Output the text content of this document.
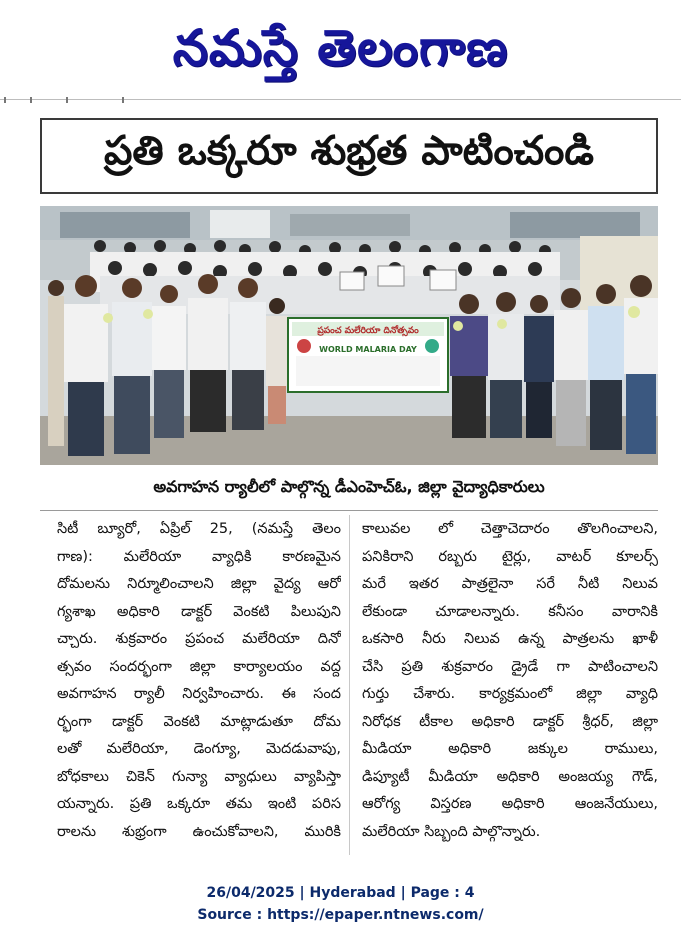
నమస్తే తెలంగాణ
ప్రతి ఒక్కరూ శుభ్రత పాటించండి
ప్రపంచ మలేరియా దినోత్సవం
WORLD MALARIA DAY
అవగాహన ర్యాలీలో పాల్గొన్న డీఎంహెచ్ఓ, జిల్లా వైద్యాధికారులు
సిటీ బ్యూరో, ఏప్రిల్ 25, (నమస్తే తెలం
గాణ): మలేరియా వ్యాధికి కారణమైన
దోమలను నిర్మూలించాలని జిల్లా వైద్య ఆరో
గ్యశాఖ అధికారి డాక్టర్ వెంకటి పిలుపుని
చ్చారు. శుక్రవారం ప్రపంచ మలేరియా దినో
త్సవం సందర్భంగా జిల్లా కార్యాలయం వద్ద
అవగాహన ర్యాలీ నిర్వహించారు. ఈ సంద
ర్భంగా డాక్టర్ వెంకటి మాట్లాడుతూ దోమ
లతో మలేరియా, డెంగ్యూ, మెదడువాపు,
బోధకాలు చికెన్ గున్యా వ్యాధులు వ్యాపిస్తా
యన్నారు. ప్రతి ఒక్కరూ తమ ఇంటి పరిస
రాలను శుభ్రంగా ఉంచుకోవాలని, మురికి
కాలువల లో చెత్తాచెదారం తొలగించాలని,
పనికిరాని రబ్బరు టైర్లు, వాటర్ కూలర్స్
మరే ఇతర పాత్రలైనా సరే నీటి నిలువ
లేకుండా చూడాలన్నారు. కనీసం వారానికి
ఒకసారి నీరు నిలువ ఉన్న పాత్రలను ఖాళీ
చేసి ప్రతి శుక్రవారం డ్రైడే గా పాటించాలని
గుర్తు చేశారు. కార్యక్రమంలో జిల్లా వ్యాధి
నిరోధక టీకాల అధికారి డాక్టర్ శ్రీధర్, జిల్లా
మీడియా అధికారి జక్కుల రాములు,
డిప్యూటీ మీడియా అధికారి అంజయ్య గౌడ్,
ఆరోగ్య విస్తరణ అధికారి ఆంజనేయులు,
మలేరియా సిబ్బంది పాల్గొన్నారు.
26/04/2025 | Hyderabad | Page : 4
Source : https://epaper.ntnews.com/
